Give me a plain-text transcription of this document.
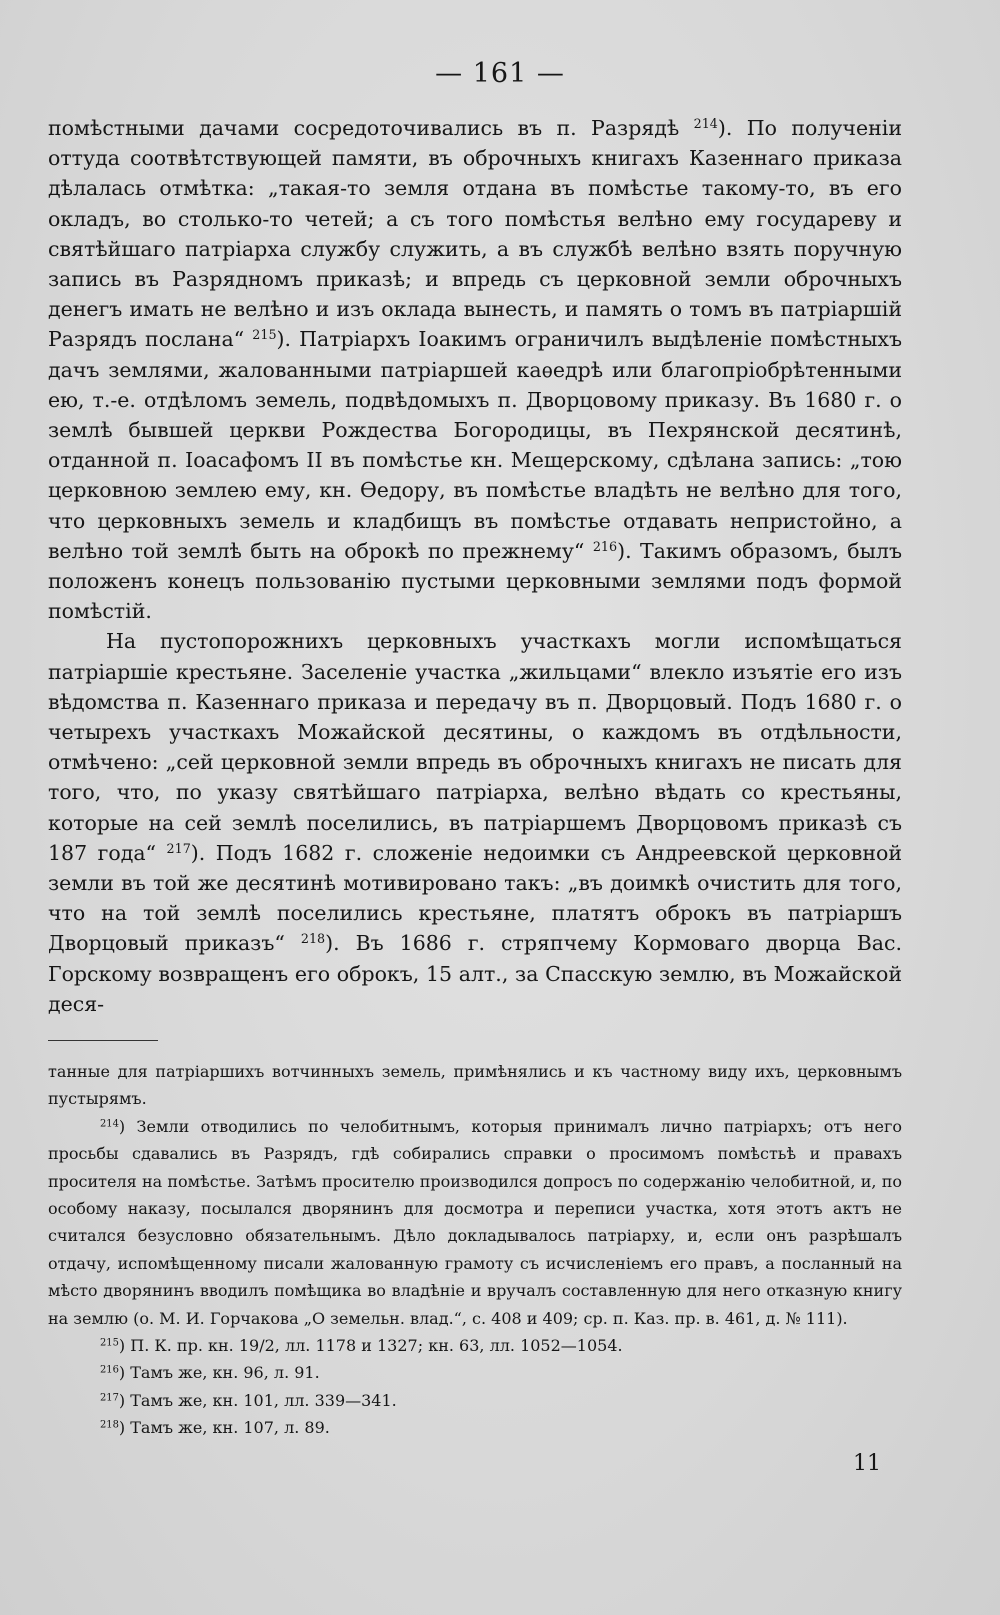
— 161 —

помѣстными дачами сосредоточивались въ п. Разрядѣ $^{214}$). По полученіи оттуда соотвѣтствующей памяти, въ оброчныхъ книгахъ Казеннаго приказа дѣлалась отмѣтка: „такая-то земля отдана въ помѣстье такому-то, въ его окладъ, во столько-то четей; а съ того помѣстья велѣно ему государеву и святѣйшаго патріарха службу служить, а въ службѣ велѣно взять поручную запись въ Разрядномъ приказѣ; и впредь съ церковной земли оброчныхъ денегъ имать не велѣно и изъ оклада вынесть, и память о томъ въ патріаршій Разрядъ послана“ $^{215}$). Патріархъ Іоакимъ ограничилъ выдѣленіе помѣстныхъ дачъ землями, жалованными патріаршей каѳедрѣ или благопріобрѣтенными ею, т.-е. отдѣломъ земель, подвѣдомыхъ п. Дворцовому приказу. Въ 1680 г. о землѣ бывшей церкви Рождества Богородицы, въ Пехрянской десятинѣ, отданной п. Іоасафомъ II въ помѣстье кн. Мещерскому, сдѣлана запись: „тою церковною землею ему, кн. Ѳедору, въ помѣстье владѣть не велѣно для того, что церковныхъ земель и кладбищъ въ помѣстье отдавать непристойно, а велѣно той землѣ быть на оброкѣ по прежнему“ $^{216}$). Такимъ образомъ, былъ положенъ конецъ пользованію пустыми церковными землями подъ формой помѣстій.

На пустопорожнихъ церковныхъ участкахъ могли испомѣщаться патріаршіе крестьяне. Заселеніе участка „жильцами“ влекло изъятіе его изъ вѣдомства п. Казеннаго приказа и передачу въ п. Дворцовый. Подъ 1680 г. о четырехъ участкахъ Можайской десятины, о каждомъ въ отдѣльности, отмѣчено: „сей церковной земли впредь въ оброчныхъ книгахъ не писать для того, что, по указу святѣйшаго патріарха, велѣно вѣдать со крестьяны, которые на сей землѣ поселились, въ патріаршемъ Дворцовомъ приказѣ съ 187 года“ $^{217}$). Подъ 1682 г. сложеніе недоимки съ Андреевской церковной земли въ той же десятинѣ мотивировано такъ: „въ доимкѣ очистить для того, что на той землѣ поселились крестьяне, платятъ оброкъ въ патріаршъ Дворцовый приказъ“ $^{218}$). Въ 1686 г. стряпчему Кормоваго дворца Вас. Горскому возвращенъ его оброкъ, 15 алт., за Спасскую землю, въ Можайской деся-

танные для патріаршихъ вотчинныхъ земель, примѣнялись и къ частному виду ихъ, церковнымъ пустырямъ.

$^{214}$) Земли отводились по челобитнымъ, которыя принималъ лично патріархъ; отъ него просьбы сдавались въ Разрядъ, гдѣ собирались справки о просимомъ помѣстьѣ и правахъ просителя на помѣстье. Затѣмъ просителю производился допросъ по содержанію челобитной, и, по особому наказу, посылался дворянинъ для досмотра и переписи участка, хотя этотъ актъ не считался безусловно обязательнымъ. Дѣло докладывалось патріарху, и, если онъ разрѣшалъ отдачу, испомѣщенному писали жалованную грамоту съ исчисленіемъ его правъ, а посланный на мѣсто дворянинъ вводилъ помѣщика во владѣніе и вручалъ составленную для него отказную книгу на землю (о. М. И. Горчакова „О земельн. влад.“, с. 408 и 409; ср. п. Каз. пр. в. 461, д. № 111).

$^{215}$) П. К. пр. кн. 19/2, лл. 1178 и 1327; кн. 63, лл. 1052—1054.

$^{216}$) Тамъ же, кн. 96, л. 91.

$^{217}$) Тамъ же, кн. 101, лл. 339—341.

$^{218}$) Тамъ же, кн. 107, л. 89.

11
